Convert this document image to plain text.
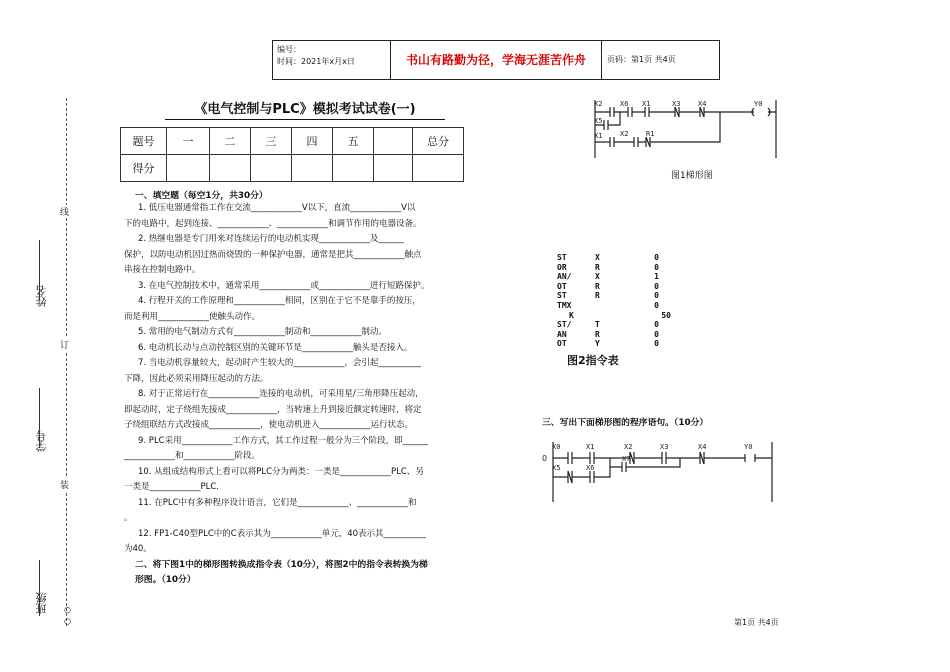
编号：
时间：2021年x月x日	书山有路勤为径，学海无涯苦作舟	页码：第1页 共4页
线
订
装
姓名
学号
班级
○ ○
《电气控制与PLC》模拟考试试卷(一)
题号	一	二	三	四	五		总分
得分							
一、填空题（每空1分，共30分）
1. 低压电器通常指工作在交流____________V以下，直流____________V以
下的电路中，起到连接、____________、____________和调节作用的电器设备。
2. 热继电器是专门用来对连续运行的电动机实现____________及______
保护，以防电动机因过热而烧毁的一种保护电器，通常是把其____________触点
串接在控制电路中。
3. 在电气控制技术中，通常采用____________或____________进行短路保护。
4. 行程开关的工作原理和____________相同，区别在于它不是靠手的按压，
而是利用____________使触头动作。
5. 常用的电气制动方式有____________制动和____________制动。
6. 电动机长动与点动控制区别的关键环节是____________触头是否接入。
7. 当电动机容量较大，起动时产生较大的____________，会引起__________
下降，因此必须采用降压起动的方法。
8. 对于正常运行在____________连接的电动机，可采用星/三角形降压起动，
即起动时，定子绕组先接成____________，当转速上升到接近额定转速时，将定
子绕组联结方式改接成____________，使电动机进入____________运行状态。
9. PLC采用____________工作方式，其工作过程一般分为三个阶段，即______
____________和____________阶段。
10. 从组成结构形式上看可以将PLC分为两类：一类是____________PLC、另
一类是____________PLC.
11. 在PLC中有多种程序设计语言，它们是____________、____________和
。
12. FP1-C40型PLC中的C表示其为____________单元，40表示其__________
为40。
二、将下图1中的梯形图转换成指令表（10分），将图2中的指令表转换为梯
形图。（10分）
X2	X6 X1	X3	X4	Y0
X5
X1	X2	R1
图1梯形图
ST	X	0
OR	R	0
AN/	X	1
OT	R	0
ST	R	0
TMX	0
K	50
ST/	T	0
AN	R	0
OT	Y	0
图2指令表
三、写出下面梯形图的程序语句。（10分）
X0	X1	X2	X3	X4	Y0
X5	X6
X7
0
第1页 共4页
